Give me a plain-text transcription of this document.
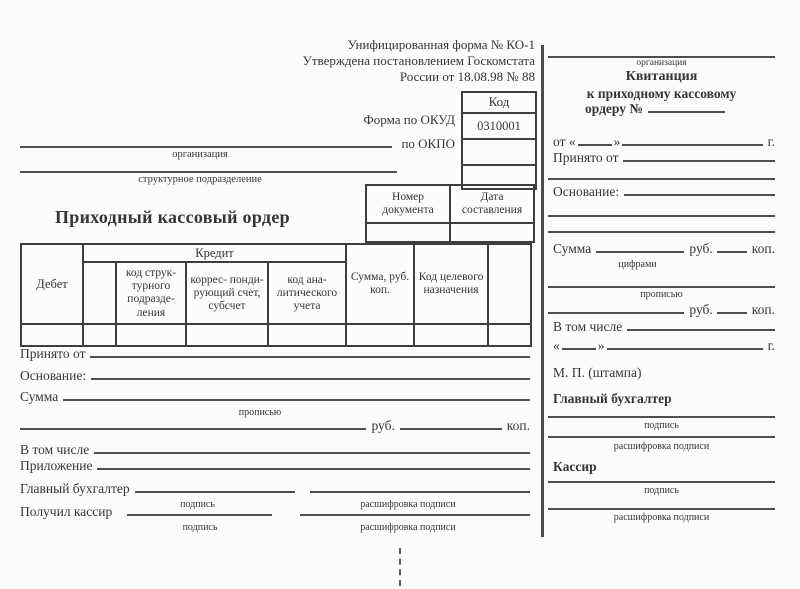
Унифицированная форма № КО-1
Утверждена постановлением Госкомстата
России от 18.08.98 № 88
Код
0310001

Форма по ОКУД
по ОКПО
организация
структурное подразделение
Номер документа	Дата составления

Приходный кассовый ордер
Дебет	Кредит				Сумма, руб. коп.	Код целевого назначения	
		код струк- турного подразде- ления	коррес- понди- рующий счет, субсчет	код ана- литического учета			

Принято от
Основание:
Сумма
прописью
руб.	коп.
В том числе
Приложение
Главный бухгалтер
подпись	расшифровка подписи
Получил кассир
подпись	расшифровка подписи
организация
Квитанция
к приходному кассовому
ордеру №
от «	»	г.
Принято от
Основание:
Сумма	руб.	коп.
цифрами
прописью
руб.	коп.
В том числе
«	»	г.
М. П. (штампа)
Главный бухгалтер
подпись
расшифровка подписи
Кассир
подпись
расшифровка подписи
